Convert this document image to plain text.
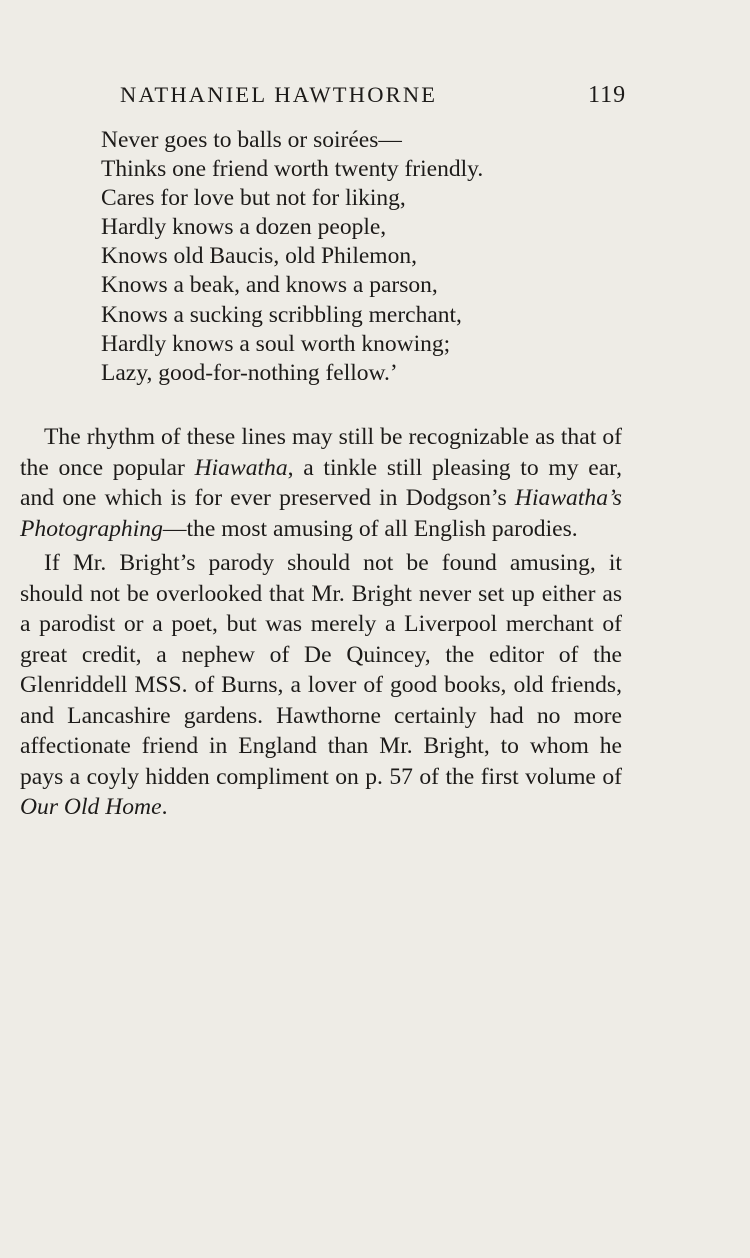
NATHANIEL HAWTHORNE	119
Never goes to balls or soirées—
Thinks one friend worth twenty friendly.
Cares for love but not for liking,
Hardly knows a dozen people,
Knows old Baucis, old Philemon,
Knows a beak, and knows a parson,
Knows a sucking scribbling merchant,
Hardly knows a soul worth knowing;
Lazy, good-for-nothing fellow.’

The rhythm of these lines may still be recognizable as that of the once popular Hiawatha, a tinkle still pleasing to my ear, and one which is for ever preserved in Dodgson’s Hiawatha’s Photographing—the most amusing of all English parodies.

If Mr. Bright’s parody should not be found amusing, it should not be overlooked that Mr. Bright never set up either as a parodist or a poet, but was merely a Liverpool merchant of great credit, a nephew of De Quincey, the editor of the Glenriddell MSS. of Burns, a lover of good books, old friends, and Lancashire gardens. Hawthorne certainly had no more affectionate friend in England than Mr. Bright, to whom he pays a coyly hidden compliment on p. 57 of the first volume of Our Old Home.
